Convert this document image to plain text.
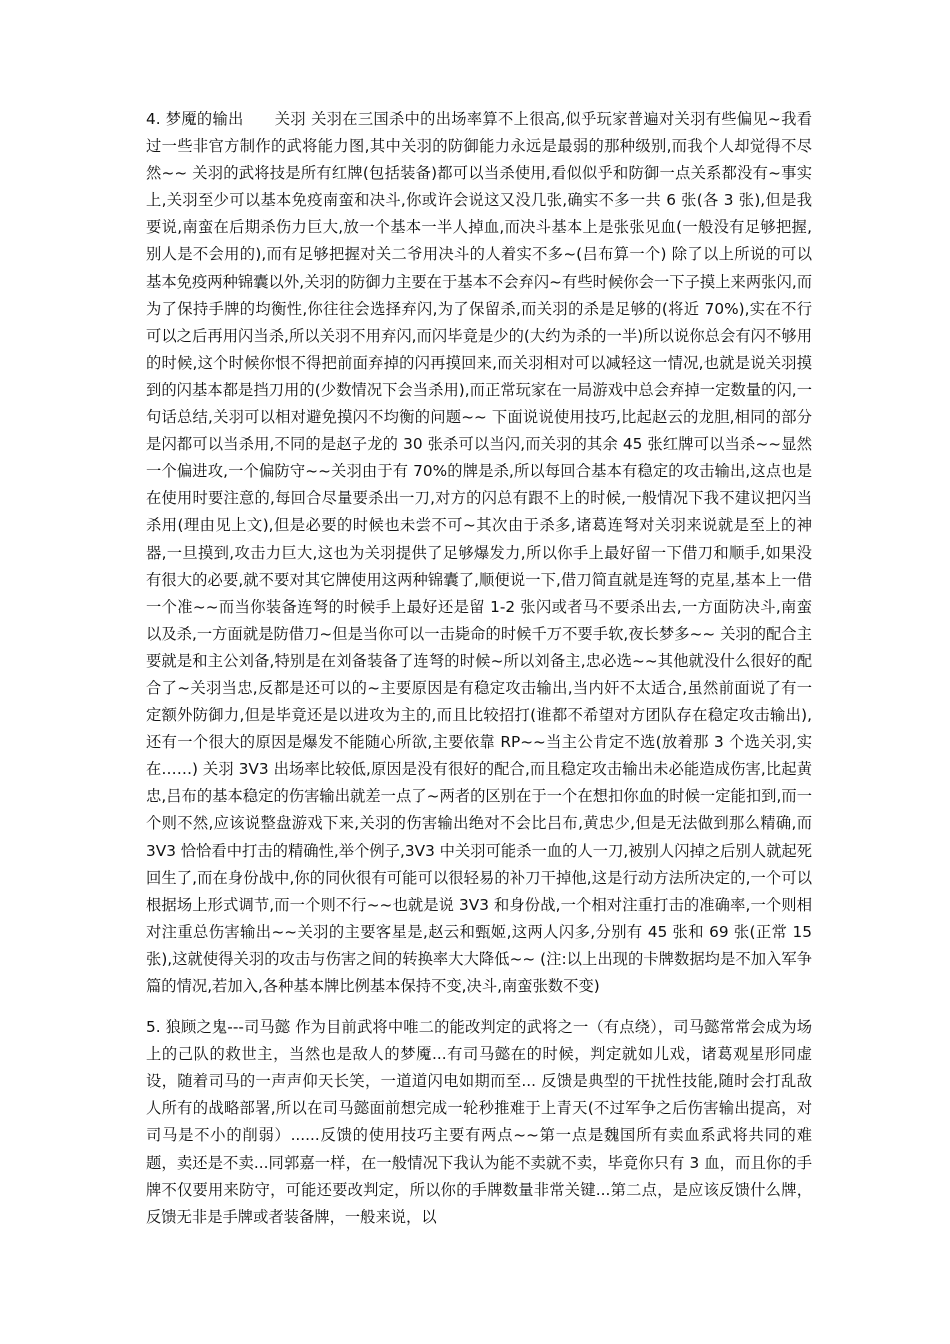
4. 梦魇的输出　　关羽 关羽在三国杀中的出场率算不上很高,似乎玩家普遍对关羽有些偏见~我看过一些非官方制作的武将能力图,其中关羽的防御能力永远是最弱的那种级别,而我个人却觉得不尽然~~ 关羽的武将技是所有红牌(包括装备)都可以当杀使用,看似似乎和防御一点关系都没有~事实上,关羽至少可以基本免疫南蛮和决斗,你或许会说这又没几张,确实不多一共 6 张(各 3 张),但是我要说,南蛮在后期杀伤力巨大,放一个基本一半人掉血,而决斗基本上是张张见血(一般没有足够把握,别人是不会用的),而有足够把握对关二爷用决斗的人着实不多~(吕布算一个) 除了以上所说的可以基本免疫两种锦囊以外,关羽的防御力主要在于基本不会弃闪~有些时候你会一下子摸上来两张闪,而为了保持手牌的均衡性,你往往会选择弃闪,为了保留杀,而关羽的杀是足够的(将近 70%),实在不行可以之后再用闪当杀,所以关羽不用弃闪,而闪毕竟是少的(大约为杀的一半)所以说你总会有闪不够用的时候,这个时候你恨不得把前面弃掉的闪再摸回来,而关羽相对可以减轻这一情况,也就是说关羽摸到的闪基本都是挡刀用的(少数情况下会当杀用),而正常玩家在一局游戏中总会弃掉一定数量的闪,一句话总结,关羽可以相对避免摸闪不均衡的问题~~ 下面说说使用技巧,比起赵云的龙胆,相同的部分是闪都可以当杀用,不同的是赵子龙的 30 张杀可以当闪,而关羽的其余 45 张红牌可以当杀~~显然一个偏进攻,一个偏防守~~关羽由于有 70%的牌是杀,所以每回合基本有稳定的攻击输出,这点也是在使用时要注意的,每回合尽量要杀出一刀,对方的闪总有跟不上的时候,一般情况下我不建议把闪当杀用(理由见上文),但是必要的时候也未尝不可~其次由于杀多,诸葛连弩对关羽来说就是至上的神器,一旦摸到,攻击力巨大,这也为关羽提供了足够爆发力,所以你手上最好留一下借刀和顺手,如果没有很大的必要,就不要对其它牌使用这两种锦囊了,顺便说一下,借刀简直就是连弩的克星,基本上一借一个准~~而当你装备连弩的时候手上最好还是留 1-2 张闪或者马不要杀出去,一方面防决斗,南蛮以及杀,一方面就是防借刀~但是当你可以一击毙命的时候千万不要手软,夜长梦多~~ 关羽的配合主要就是和主公刘备,特别是在刘备装备了连弩的时候~所以刘备主,忠必选~~其他就没什么很好的配合了~关羽当忠,反都是还可以的~主要原因是有稳定攻击输出,当内奸不太适合,虽然前面说了有一定额外防御力,但是毕竟还是以进攻为主的,而且比较招打(谁都不希望对方团队存在稳定攻击输出),还有一个很大的原因是爆发不能随心所欲,主要依靠 RP~~当主公肯定不选(放着那 3 个选关羽,实在……) 关羽 3V3 出场率比较低,原因是没有很好的配合,而且稳定攻击输出未必能造成伤害,比起黄忠,吕布的基本稳定的伤害输出就差一点了~两者的区别在于一个在想扣你血的时候一定能扣到,而一个则不然,应该说整盘游戏下来,关羽的伤害输出绝对不会比吕布,黄忠少,但是无法做到那么精确,而 3V3 恰恰看中打击的精确性,举个例子,3V3 中关羽可能杀一血的人一刀,被别人闪掉之后别人就起死回生了,而在身份战中,你的同伙很有可能可以很轻易的补刀干掉他,这是行动方法所决定的,一个可以根据场上形式调节,而一个则不行~~也就是说 3V3 和身份战,一个相对注重打击的准确率,一个则相对注重总伤害输出~~关羽的主要客星是,赵云和甄姬,这两人闪多,分别有 45 张和 69 张(正常 15 张),这就使得关羽的攻击与伤害之间的转换率大大降低~~ (注:以上出现的卡牌数据均是不加入军争篇的情况,若加入,各种基本牌比例基本保持不变,决斗,南蛮张数不变)

5. 狼顾之鬼---司马懿 作为目前武将中唯二的能改判定的武将之一（有点绕），司马懿常常会成为场上的己队的救世主，当然也是敌人的梦魇...有司马懿在的时候，判定就如儿戏，诸葛观星形同虚设，随着司马的一声声仰天长笑，一道道闪电如期而至... 反馈是典型的干扰性技能,随时会打乱敌人所有的战略部署,所以在司马懿面前想完成一轮秒推难于上青天(不过军争之后伤害输出提高，对司马是不小的削弱）......反馈的使用技巧主要有两点~~第一点是魏国所有卖血系武将共同的难题，卖还是不卖...同郭嘉一样，在一般情况下我认为能不卖就不卖，毕竟你只有 3 血，而且你的手牌不仅要用来防守，可能还要改判定，所以你的手牌数量非常关键...第二点，是应该反馈什么牌，反馈无非是手牌或者装备牌，一般来说，以
